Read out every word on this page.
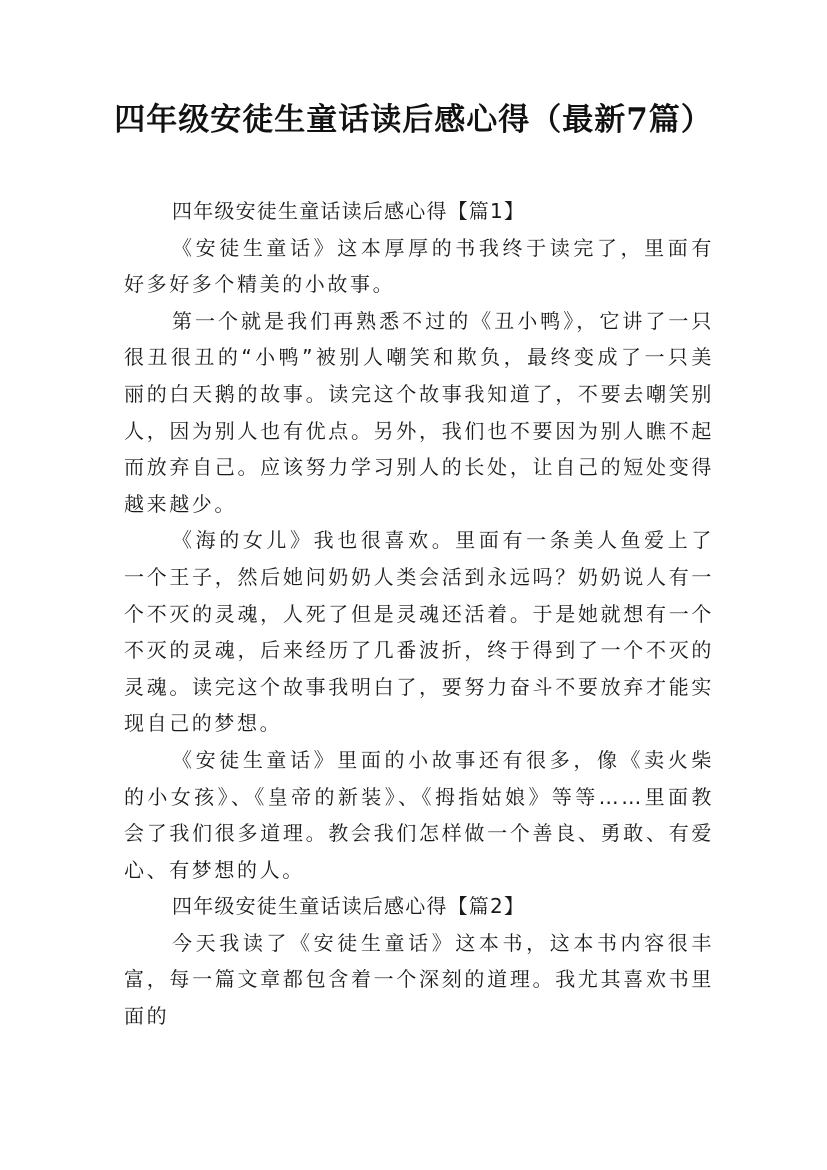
四年级安徒生童话读后感心得（最新7篇）

四年级安徒生童话读后感心得【篇1】

《安徒生童话》这本厚厚的书我终于读完了，里面有好多好多个精美的小故事。

第一个就是我们再熟悉不过的《丑小鸭》，它讲了一只很丑很丑的“小鸭”被别人嘲笑和欺负，最终变成了一只美丽的白天鹅的故事。读完这个故事我知道了，不要去嘲笑别人，因为别人也有优点。另外，我们也不要因为别人瞧不起而放弃自己。应该努力学习别人的长处，让自己的短处变得越来越少。

《海的女儿》我也很喜欢。里面有一条美人鱼爱上了一个王子，然后她问奶奶人类会活到永远吗？奶奶说人有一个不灭的灵魂，人死了但是灵魂还活着。于是她就想有一个不灭的灵魂，后来经历了几番波折，终于得到了一个不灭的灵魂。读完这个故事我明白了，要努力奋斗不要放弃才能实现自己的梦想。

《安徒生童话》里面的小故事还有很多，像《卖火柴的小女孩》、《皇帝的新装》、《拇指姑娘》等等……里面教会了我们很多道理。教会我们怎样做一个善良、勇敢、有爱心、有梦想的人。

四年级安徒生童话读后感心得【篇2】

今天我读了《安徒生童话》这本书，这本书内容很丰富，每一篇文章都包含着一个深刻的道理。我尤其喜欢书里面的
